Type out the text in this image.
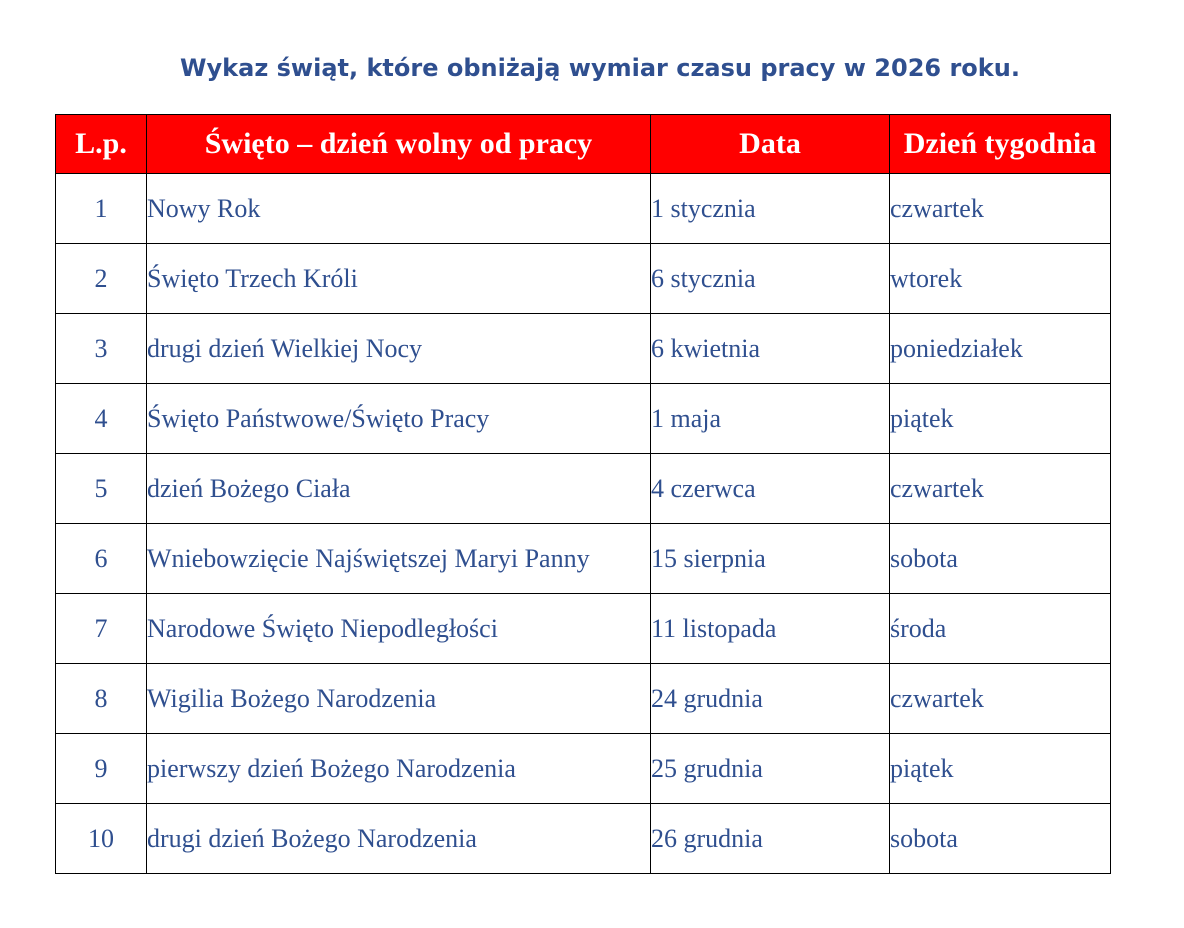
Wykaz świąt, które obniżają wymiar czasu pracy w 2026 roku.
L.p.	Święto – dzień wolny od pracy	Data	Dzień tygodnia
1	Nowy Rok	1 stycznia	czwartek
2	Święto Trzech Króli	6 stycznia	wtorek
3	drugi dzień Wielkiej Nocy	6 kwietnia	poniedziałek
4	Święto Państwowe/Święto Pracy	1 maja	piątek
5	dzień Bożego Ciała	4 czerwca	czwartek
6	Wniebowzięcie Najświętszej Maryi Panny	15 sierpnia	sobota
7	Narodowe Święto Niepodległości	11 listopada	środa
8	Wigilia Bożego Narodzenia	24 grudnia	czwartek
9	pierwszy dzień Bożego Narodzenia	25 grudnia	piątek
10	drugi dzień Bożego Narodzenia	26 grudnia	sobota
